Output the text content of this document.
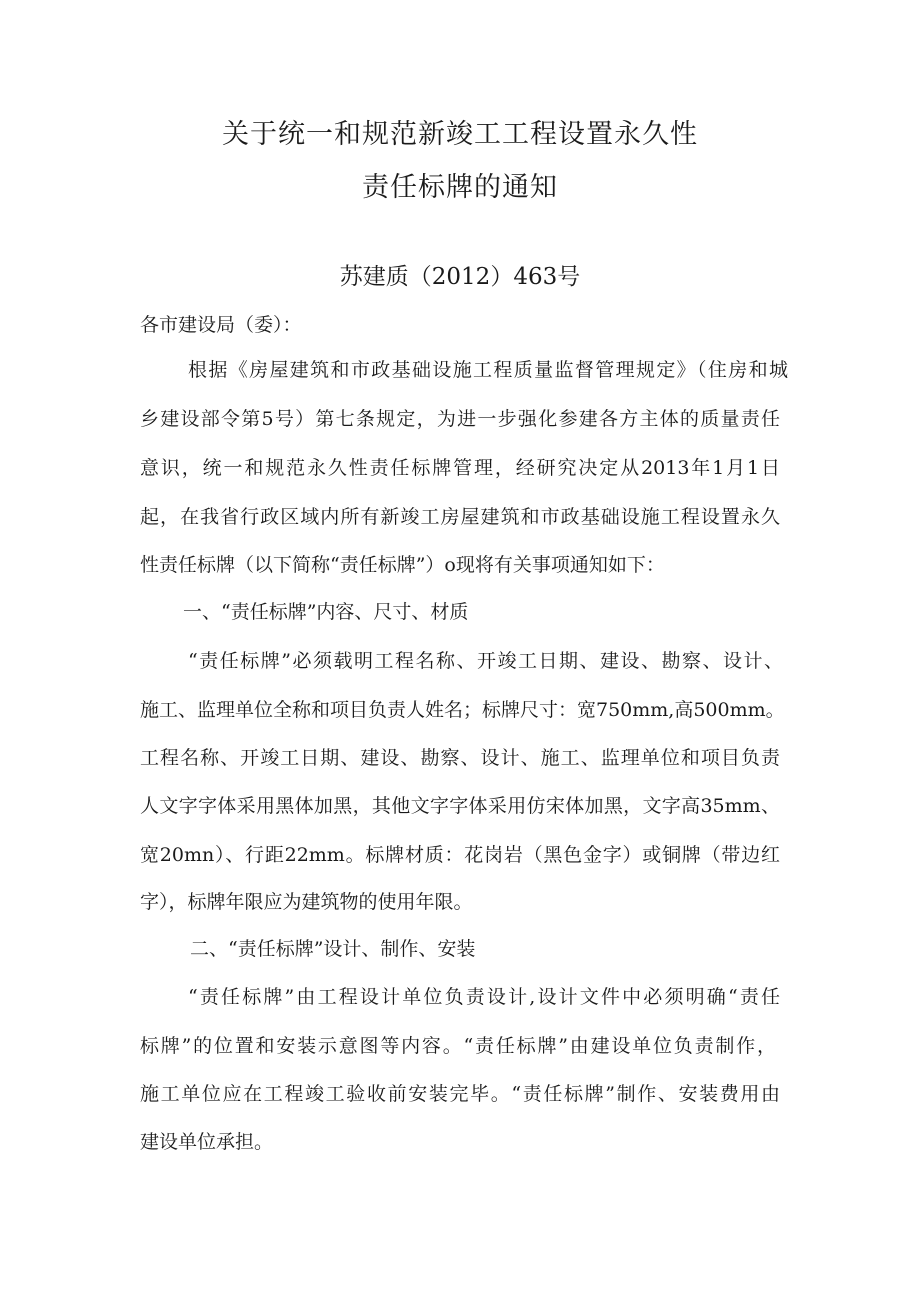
关于统一和规范新竣工工程设置永久性
责任标牌的通知
苏建质（2012）463号
各市建设局（委）：
根据《房屋建筑和市政基础设施工程质量监督管理规定》（住房和城
乡建设部令第5号）第七条规定，为进一步强化参建各方主体的质量责任
意识，统一和规范永久性责任标牌管理，经研究决定从2013年1月1日
起，在我省行政区域内所有新竣工房屋建筑和市政基础设施工程设置永久
性责任标牌（以下简称“责任标牌”）o现将有关事项通知如下：
一、“责任标牌”内容、尺寸、材质
“责任标牌”必须载明工程名称、开竣工日期、建设、勘察、设计、
施工、监理单位全称和项目负责人姓名；标牌尺寸：宽750mm,高500mm。
工程名称、开竣工日期、建设、勘察、设计、施工、监理单位和项目负责
人文字字体采用黑体加黑，其他文字字体采用仿宋体加黑，文字高35mm、
宽20mn）、行距22mm。标牌材质：花岗岩（黑色金字）或铜牌（带边红
字），标牌年限应为建筑物的使用年限。
二、“责任标牌”设计、制作、安装
“责任标牌”由工程设计单位负责设计,设计文件中必须明确“责任
标牌”的位置和安装示意图等内容。“责任标牌”由建设单位负责制作，
施工单位应在工程竣工验收前安装完毕。“责任标牌”制作、安装费用由
建设单位承担。
